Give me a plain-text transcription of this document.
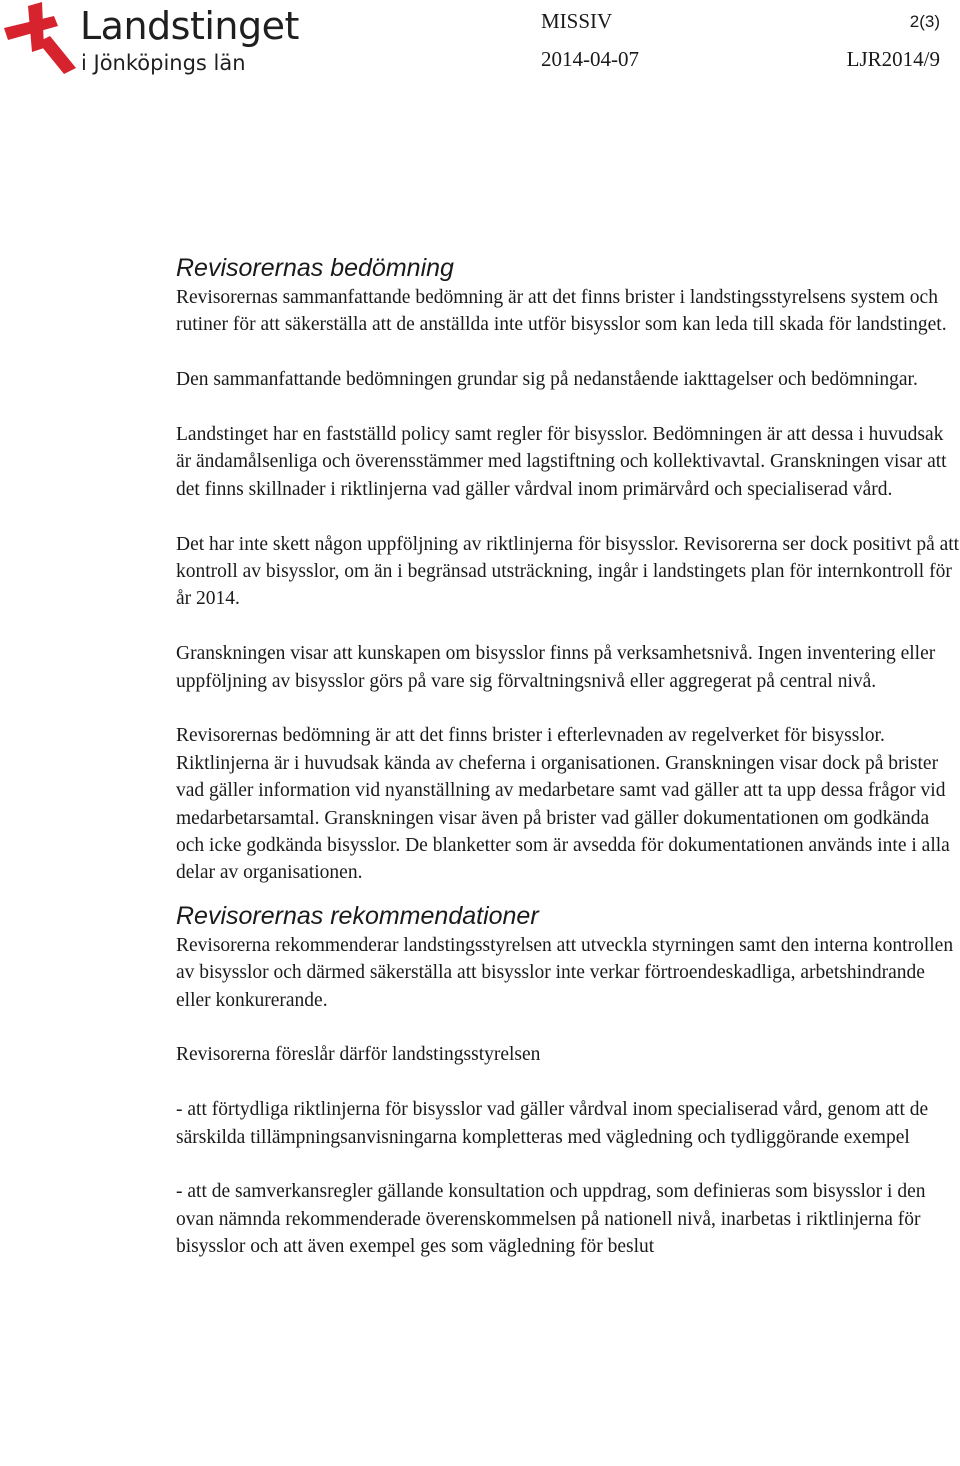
Landstinget
i Jönköpings län
MISSIV	2(3)
2014-04-07	LJR2014/9
Revisorernas bedömning

Revisorernas sammanfattande bedömning är att det finns brister i landstingsstyrelsens system och rutiner för att säkerställa att de anställda inte utför bisysslor som kan leda till skada för landstinget.

Den sammanfattande bedömningen grundar sig på nedanstående iakttagelser och bedömningar.

Landstinget har en fastställd policy samt regler för bisysslor. Bedömningen är att dessa i huvudsak är ändamålsenliga och överensstämmer med lagstiftning och kollektivavtal. Granskningen visar att det finns skillnader i riktlinjerna vad gäller vårdval inom primärvård och specialiserad vård.

Det har inte skett någon uppföljning av riktlinjerna för bisysslor. Revisorerna ser dock positivt på att kontroll av bisysslor, om än i begränsad utsträckning, ingår i landstingets plan för internkontroll för år 2014.

Granskningen visar att kunskapen om bisysslor finns på verksamhetsnivå. Ingen inventering eller uppföljning av bisysslor görs på vare sig förvaltningsnivå eller aggregerat på central nivå.

Revisorernas bedömning är att det finns brister i efterlevnaden av regelverket för bisysslor. Riktlinjerna är i huvudsak kända av cheferna i organisationen. Granskningen visar dock på brister vad gäller information vid nyanställning av medarbetare samt vad gäller att ta upp dessa frågor vid medarbetarsamtal. Granskningen visar även på brister vad gäller dokumentationen om godkända och icke godkända bisysslor. De blanketter som är avsedda för dokumentationen används inte i alla delar av organisationen.

Revisorernas rekommendationer

Revisorerna rekommenderar landstingsstyrelsen att utveckla styrningen samt den interna kontrollen av bisysslor och därmed säkerställa att bisysslor inte verkar förtroendeskadliga, arbetshindrande eller konkurerande.

Revisorerna föreslår därför landstingsstyrelsen

- att förtydliga riktlinjerna för bisysslor vad gäller vårdval inom specialiserad vård, genom att de särskilda tillämpningsanvisningarna kompletteras med vägledning och tydliggörande exempel

- att de samverkansregler gällande konsultation och uppdrag, som definieras som bisysslor i den ovan nämnda rekommenderade överenskommelsen på nationell nivå, inarbetas i riktlinjerna för bisysslor och att även exempel ges som vägledning för beslut
